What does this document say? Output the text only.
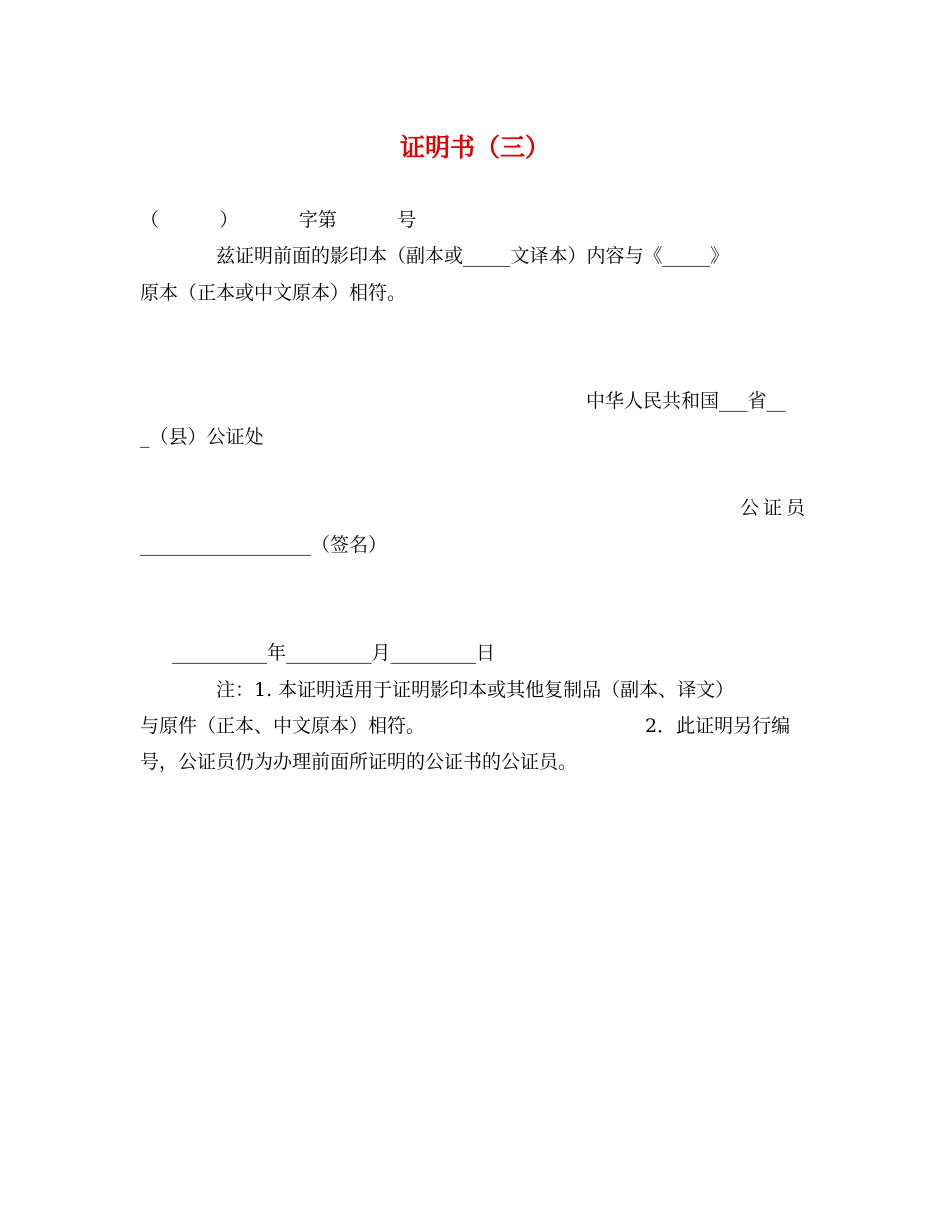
证明书（三）
（          ）          字第          号
兹证明前面的影印本（副本或_____文译本）内容与《_____》
原本（正本或中文原本）相符。
中华人民共和国___省__
_（县）公证处
公证员
__________________（签名）
__________年_________月_________日
注：1. 本证明适用于证明影印本或其他复制品（副本、译文）
与原件（正本、中文原本）相符。	2．此证明另行编
号，公证员仍为办理前面所证明的公证书的公证员。
